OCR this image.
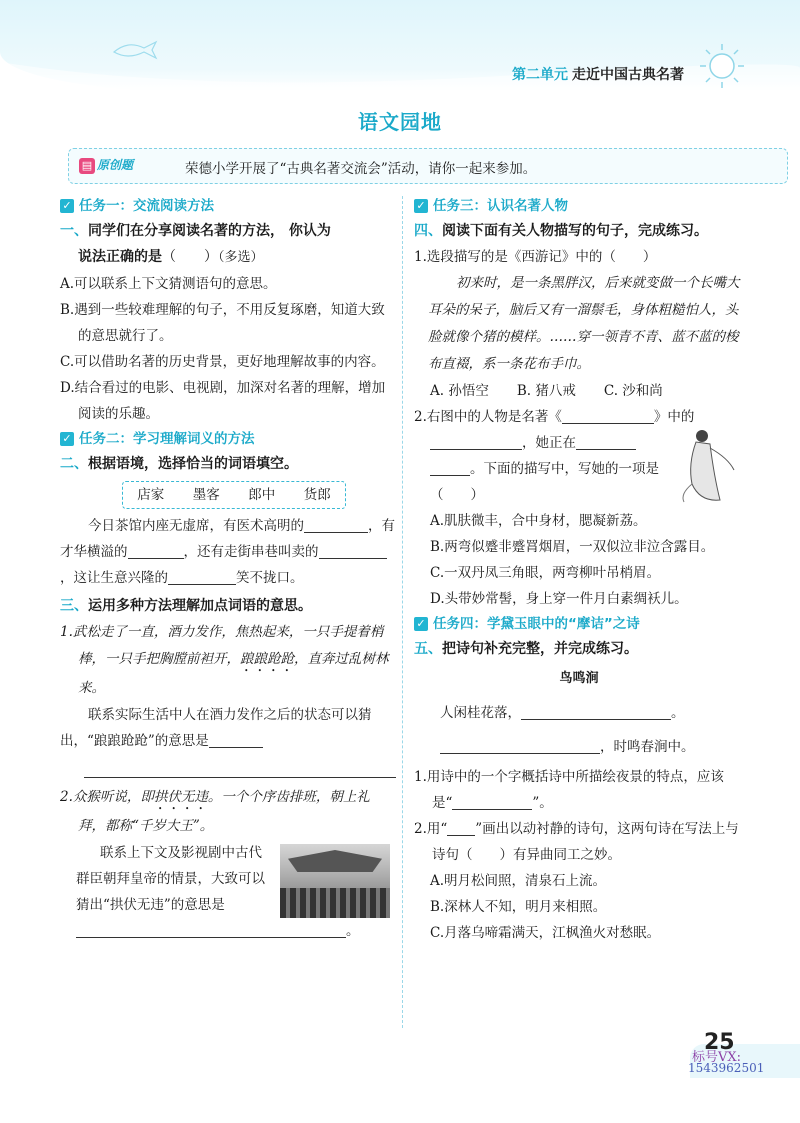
第二单元 走近中国古典名著
语文园地
▤ 原创题	荣德小学开展了“古典名著交流会”活动，请你一起来参加。
✓ 任务一：交流阅读方法
一、同学们在分享阅读名著的方法， 你认为
说法正确的是（　　）（多选）
A.可以联系上下文猜测语句的意思。
B.遇到一些较难理解的句子，不用反复琢磨，知道大致的意思就行了。
C.可以借助名著的历史背景，更好地理解故事的内容。
D.结合看过的电影、电视剧，加深对名著的理解，增加阅读的乐趣。
✓ 任务二：学习理解词义的方法
二、根据语境，选择恰当的词语填空。
店家 墨客 郎中 货郎
今日茶馆内座无虚席，有医术高明的	，有才华横溢的	，还有走街串巷叫卖的，这让生意兴隆的	笑不拢口。
三、运用多种方法理解加点词语的意思。
1.武松走了一直，酒力发作，焦热起来，一只手提着梢棒，一只手把胸膛前袒开，踉踉跄跄，直奔过乱树林来。
联系实际生活中人在酒力发作之后的状态可以猜出，“踉踉跄跄”的意思是
2.众猴听说，即拱伏无违。一个个序齿排班，朝上礼拜，都称“千岁大王”。
联系上下文及影视剧中古代群臣朝拜皇帝的情景，大致可以猜出“拱伏无违”的意思是。
✓ 任务三：认识名著人物
四、阅读下面有关人物描写的句子，完成练习。
1.选段描写的是《西游记》中的（　　）
初来时，是一条黑胖汉，后来就变做一个长嘴大耳朵的呆子，脑后又有一溜鬃毛，身体粗糙怕人，头脸就像个猪的模样。……穿一领青不青、蓝不蓝的梭布直裰，系一条花布手巾。
A. 孙悟空 B. 猪八戒 C. 沙和尚
2.右图中的人物是名著《	》中的
，她正在
。下面的描写中，写她的一项是（　　）
A.肌肤微丰，合中身材，腮凝新荔。
B.两弯似蹙非蹙罥烟眉，一双似泣非泣含露目。
C.一双丹凤三角眼，两弯柳叶吊梢眉。
D.头带妙常髻，身上穿一件月白素绸袄儿。
✓ 任务四：学黛玉眼中的“摩诘”之诗
五、把诗句补充完整，并完成练习。
鸟鸣涧
人闲桂花落，	。
，时鸣春涧中。
1.用诗中的一个字概括诗中所描绘夜景的特点，应该是“	”。
2.用“ ”画出以动衬静的诗句，这两句诗在写法上与诗句（　　）有异曲同工之妙。
A.明月松间照，清泉石上流。
B.深林人不知，明月来相照。
C.月落乌啼霜满天，江枫渔火对愁眠。
25
标号VX:
1543962501
